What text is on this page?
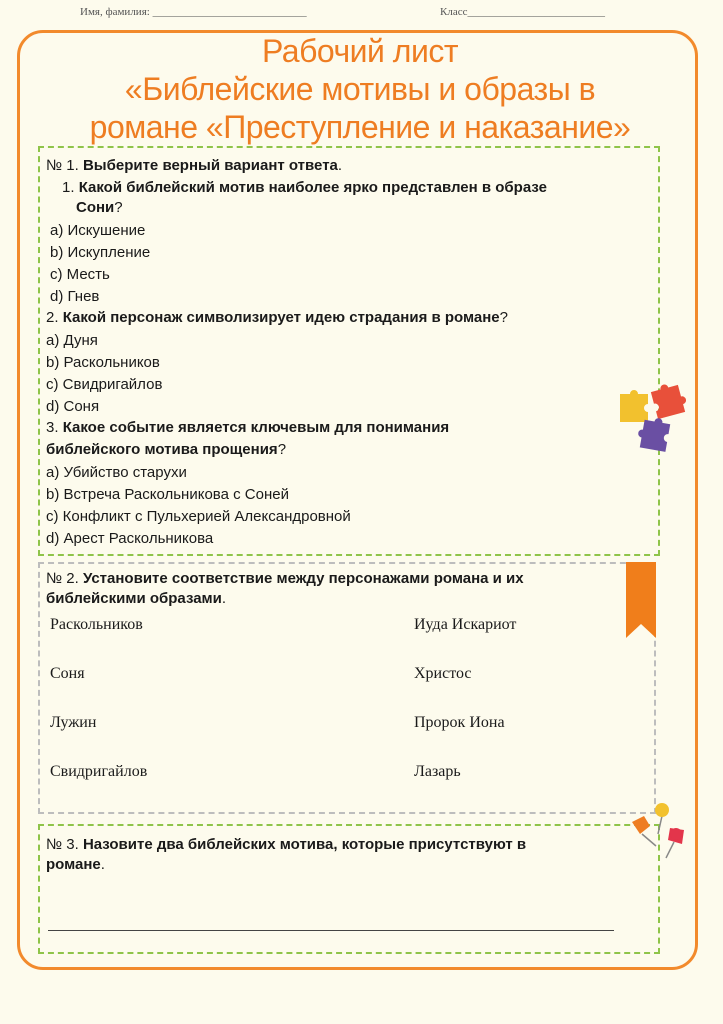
Имя, фамилия: ____________________________	Класс_________________________
Рабочий лист
«Библейские мотивы и образы в
романе «Преступление и наказание»
№ 1. Выберите верный вариант ответа.
1. Какой библейский мотив наиболее ярко представлен в образе
Сони?
а) Искушение
b) Искупление
c) Месть
d) Гнев
2. Какой персонаж символизирует идею страдания в романе?
а) Дуня
b) Раскольников
c) Свидригайлов
d) Соня
3. Какое событие является ключевым для понимания
библейского мотива прощения?
а) Убийство старухи
b) Встреча Раскольникова с Соней
c) Конфликт с Пульхерией Александровной
d) Арест Раскольникова
№ 2. Установите соответствие между персонажами романа и их
библейскими образами.
Раскольников
Соня
Лужин
Свидригайлов
Иуда Искариот
Христос
Пророк Иона
Лазарь
№ 3. Назовите два библейских мотива, которые присутствуют в
романе.
